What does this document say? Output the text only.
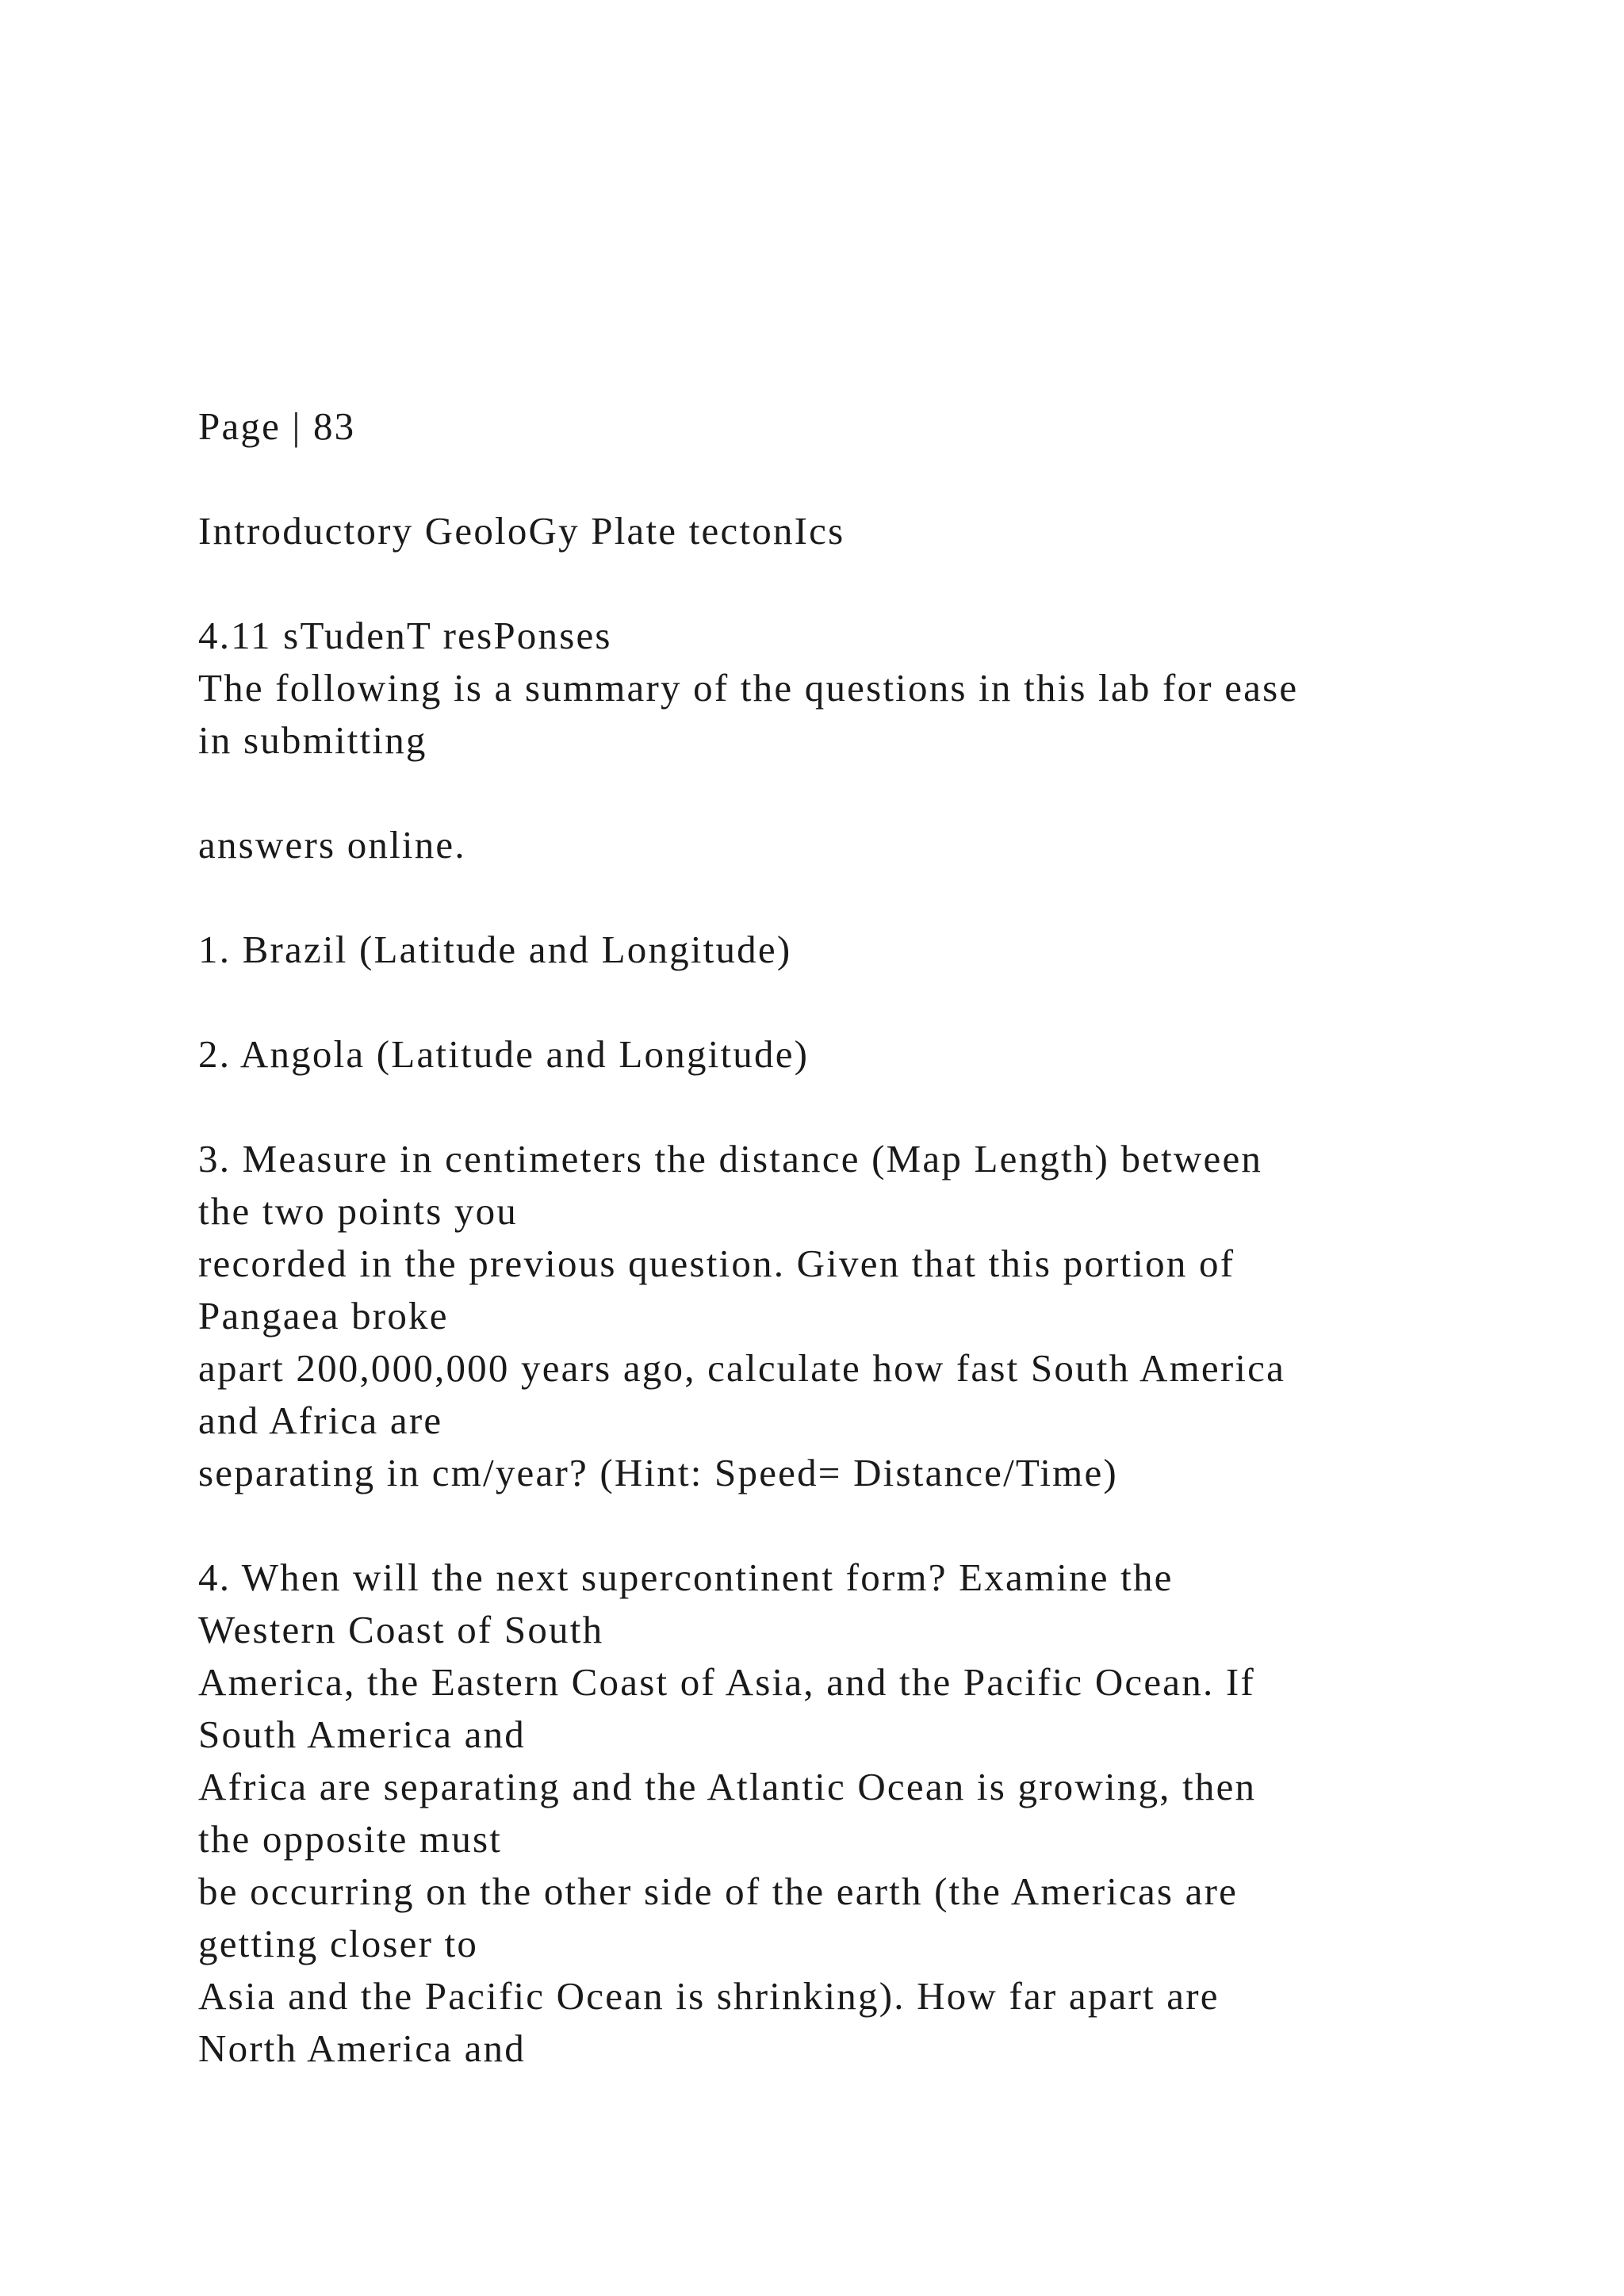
Page | 83
Introductory GeoloGy Plate tectonIcs
4.11 sTudenT resPonses
The following is a summary of the questions in this lab for ease
in submitting
answers online.
1. Brazil (Latitude and Longitude)
2. Angola (Latitude and Longitude)
3. Measure in centimeters the distance (Map Length) between
the two points you
recorded in the previous question. Given that this portion of
Pangaea broke
apart 200,000,000 years ago, calculate how fast South America
and Africa are
separating in cm/year? (Hint: Speed= Distance/Time)
4. When will the next supercontinent form? Examine the
Western Coast of South
America, the Eastern Coast of Asia, and the Pacific Ocean. If
South America and
Africa are separating and the Atlantic Ocean is growing, then
the opposite must
be occurring on the other side of the earth (the Americas are
getting closer to
Asia and the Pacific Ocean is shrinking). How far apart are
North America and
